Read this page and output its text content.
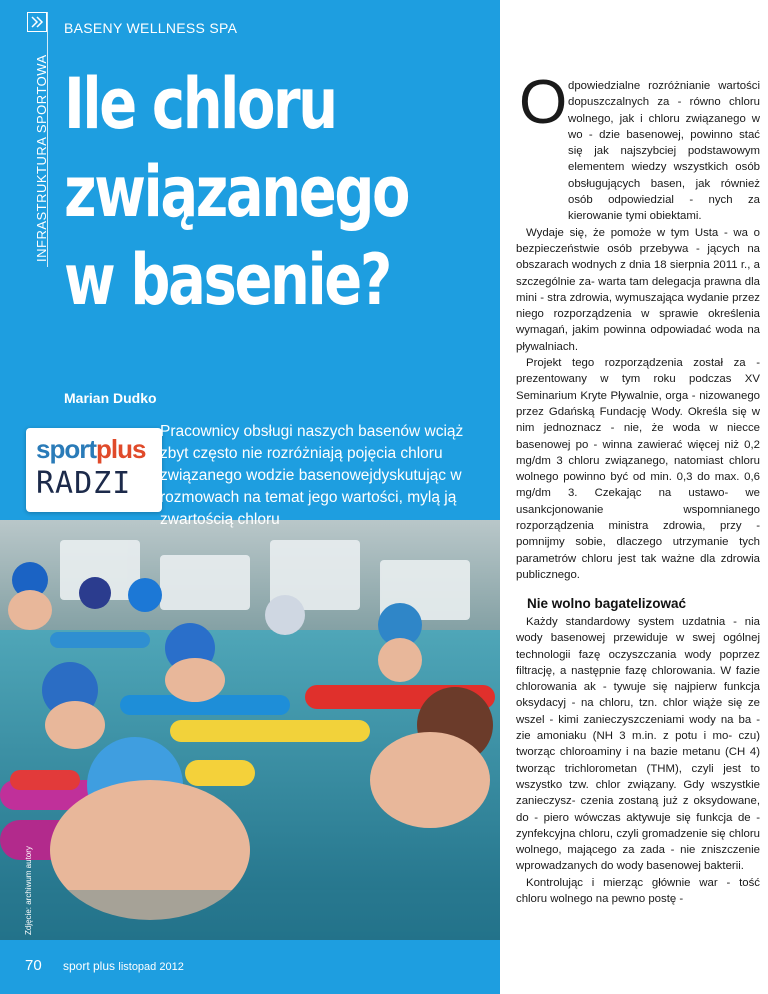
INFRASTRUKTURA SPORTOWA
BASENY WELLNESS SPA
Ile chloru
związanego
w basenie?
Marian Dudko
sportplus
RADZI
Pracownicy obsługi naszych basenów wciąż zbyt często nie rozróżniają pojęcia chloru związanego wodzie basenowejdyskutując w rozmowach na temat jego wartości, mylą ją zwartością chloru
Zdjęcie: archiwum autory
70 sport plus listopad 2012
O dpowiedzialne rozróżnianie wartości dopuszczalnych za - równo chloru wolnego, jak i chloru związanego w wo - dzie basenowej, powinno stać się jak najszybciej podstawowym elementem wiedzy wszystkich osób obsługujących basen, jak również osób odpowiedzial - nych za kierowanie tymi obiektami.

Wydaje się, że pomoże w tym Usta - wa o bezpieczeństwie osób przebywa - jących na obszarach wodnych z dnia 18 sierpnia 2011 r., a szczególnie za- warta tam delegacja prawna dla mini - stra zdrowia, wymuszająca wydanie przez niego rozporządzenia w sprawie określenia wymagań, jakim powinna odpowiadać woda na pływalniach.

Projekt tego rozporządzenia został za - prezentowany w tym roku podczas XV Seminarium Kryte Pływalnie, orga - nizowanego przez Gdańską Fundację Wody. Określa się w nim jednoznacz - nie, że woda w niecce basenowej po - winna zawierać więcej niż 0,2 mg/dm 3 chloru związanego, natomiast chloru wolnego powinno być od min. 0,3 do max. 0,6 mg/dm 3. Czekając na ustawo- we usankcjonowanie wspomnianego rozporządzenia ministra zdrowia, przy - pomnijmy sobie, dlaczego utrzymanie tych parametrów chloru jest tak ważne dla zdrowia publicznego.

Nie wolno bagatelizować

Każdy standardowy system uzdatnia - nia wody basenowej przewiduje w swej ogólnej technologii fazę oczyszczania wody poprzez filtrację, a następnie fazę chlorowania. W fazie chlorowania ak - tywuje się najpierw funkcja oksydacyj - na chloru, tzn. chlor wiąże się ze wszel - kimi zanieczyszczeniami wody na ba - zie amoniaku (NH 3 m.in. z potu i mo- czu) tworząc chloroaminy i na bazie metanu (CH 4) tworząc trichlorometan (THM), czyli jest to wszystko tzw. chlor związany. Gdy wszystkie zanieczysz- czenia zostaną już z oksydowane, do - piero wówczas aktywuje się funkcja de - zynfekcyjna chloru, czyli gromadzenie się chloru wolnego, mającego za zada - nie zniszczenie wprowadzanych do wody basenowej bakterii.

Kontrolując i mierząc głównie war - tość chloru wolnego na pewno postę -
